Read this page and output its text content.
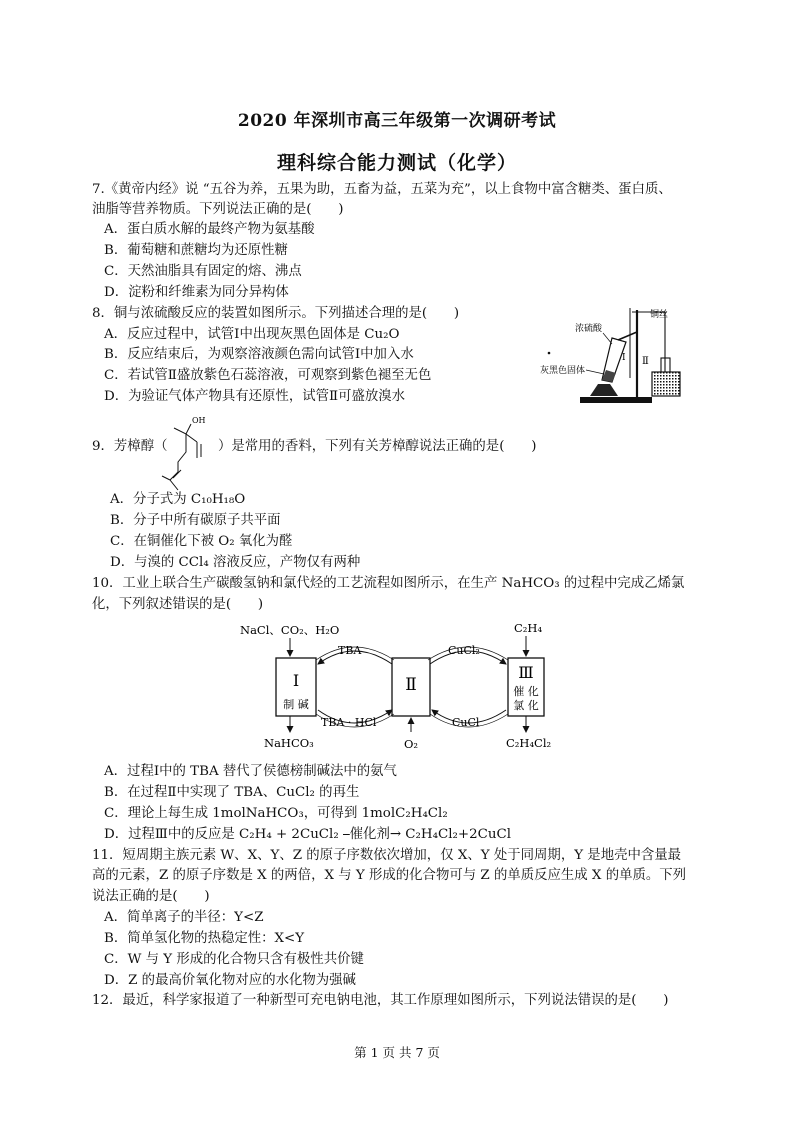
2020 年深圳市高三年级第一次调研考试
理科综合能力测试（化学）
7.《黄帝内经》说 “五谷为养，五果为助，五畜为益，五菜为充”，以上食物中富含糖类、蛋白质、
油脂等营养物质。下列说法正确的是(　　)
A．蛋白质水解的最终产物为氨基酸
B．葡萄糖和蔗糖均为还原性糖
C．天然油脂具有固定的熔、沸点
D．淀粉和纤维素为同分异构体
8．铜与浓硫酸反应的装置如图所示。下列描述合理的是(　　)
A．反应过程中，试管Ⅰ中出现灰黑色固体是 Cu₂O
B．反应结束后，为观察溶液颜色需向试管Ⅰ中加入水
C．若试管Ⅱ盛放紫色石蕊溶液，可观察到紫色褪至无色
D．为验证气体产物具有还原性，试管Ⅱ可盛放溴水
铜丝
浓硫酸
Ⅰ Ⅱ
灰黑色固体
OH
9．芳樟醇（	）是常用的香料，下列有关芳樟醇说法正确的是(　　)
A．分子式为 C₁₀H₁₈O
B．分子中所有碳原子共平面
C．在铜催化下被 O₂ 氧化为醛
D．与溴的 CCl₄ 溶液反应，产物仅有两种
10．工业上联合生产碳酸氢钠和氯代烃的工艺流程如图所示，在生产 NaHCO₃ 的过程中完成乙烯氯
化，下列叙述错误的是(　　)
Ⅰ
制 碱
Ⅱ
Ⅲ
催 化
氯 化
NaCl、CO₂、H₂O	C₂H₄
NaHCO₃	O₂	C₂H₄Cl₂
TBA
TBA · HCl
CuCl₂
CuCl
A．过程Ⅰ中的 TBA 替代了侯德榜制碱法中的氨气
B．在过程Ⅱ中实现了 TBA、CuCl₂ 的再生
C．理论上每生成 1molNaHCO₃，可得到 1molC₂H₄Cl₂
D．过程Ⅲ中的反应是 C₂H₄ + 2CuCl₂ ⎯催化剂→ C₂H₄Cl₂+2CuCl
11．短周期主族元素 W、X、Y、Z 的原子序数依次增加，仅 X、Y 处于同周期，Y 是地壳中含量最
高的元素，Z 的原子序数是 X 的两倍，X 与 Y 形成的化合物可与 Z 的单质反应生成 X 的单质。下列
说法正确的是(　　)
A．简单离子的半径：Y<Z
B．简单氢化物的热稳定性：X<Y
C．W 与 Y 形成的化合物只含有极性共价键
D．Z 的最高价氧化物对应的水化物为强碱
12．最近，科学家报道了一种新型可充电钠电池，其工作原理如图所示，下列说法错误的是(　　)
第 1 页 共 7 页
